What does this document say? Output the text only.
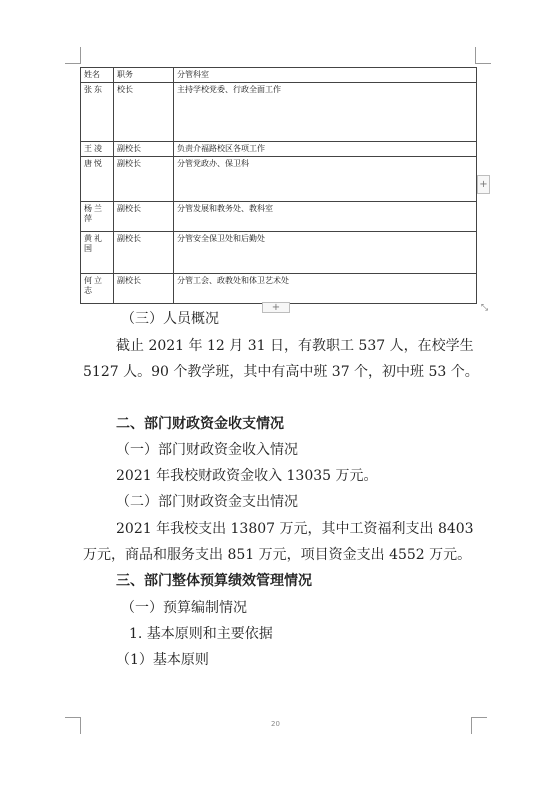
姓名	职务	分管科室
张东	校长	主持学校党委、行政全面工作
王凌	副校长	负责介福路校区各项工作
唐悦	副校长	分管党政办、保卫科
杨兰萍	副校长	分管发展和教务处、教科室
黄礼国	副校长	分管安全保卫处和后勤处
何立志	副校长	分管工会、政教处和体卫艺术处
+
+	⤡
（三）人员概况
截止 2021 年 12 月 31 日，有教职工 537 人，在校学生
5127 人。90 个教学班，其中有高中班 37 个，初中班 53 个。
二、部门财政资金收支情况
（一）部门财政资金收入情况
2021 年我校财政资金收入 13035 万元。
（二）部门财政资金支出情况
2021 年我校支出 13807 万元，其中工资福利支出 8403
万元，商品和服务支出 851 万元，项目资金支出 4552 万元。
三、部门整体预算绩效管理情况
（一）预算编制情况
1. 基本原则和主要依据
（1）基本原则
20
